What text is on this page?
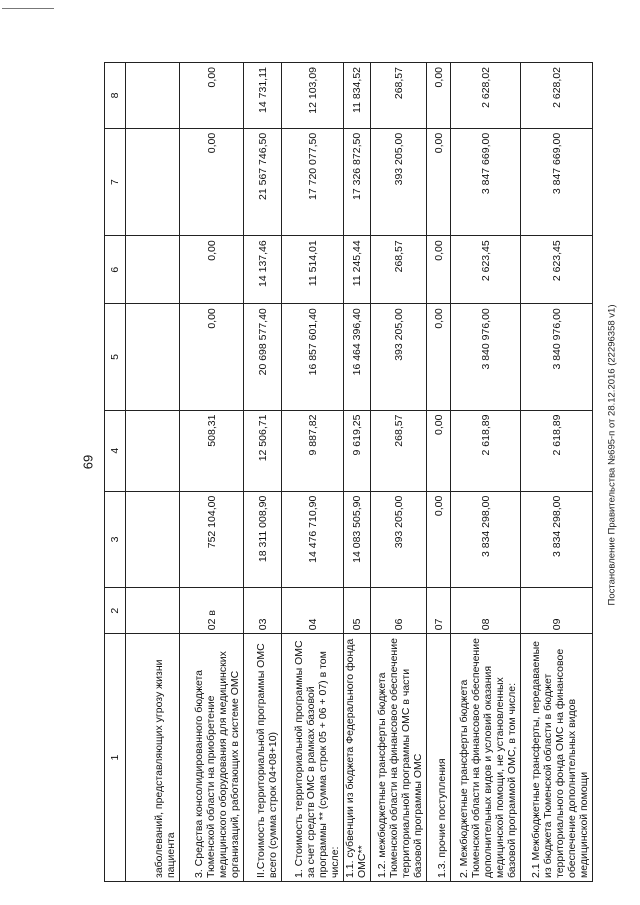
69
1	2	3	4	5	6	7	8
заболеваний, представляющих угрозу жизни пациента							
3. Средства консолидированного бюджета Тюменской области на приобретение медицинского оборудования для медицинских организаций, работающих в системе ОМС	02 в	752 104,00	508,31	0,00	0,00	0,00	0,00
II.Стоимость территориальной программы ОМС всего (сумма строк 04+08+10)	03	18 311 008,90	12 506,71	20 698 577,40	14 137,46	21 567 746,50	14 731,11
1. Стоимость территориальной программы ОМС за счет средств ОМС в рамках базовой программы ** (сумма строк 05 + 06 + 07) в том числе:	04	14 476 710,90	9 887,82	16 857 601,40	11 514,01	17 720 077,50	12 103,09
1.1. субвенции из бюджета Федерального фонда ОМС**	05	14 083 505,90	9 619,25	16 464 396,40	11 245,44	17 326 872,50	11 834,52
1.2. межбюджетные трансферты бюджета Тюменской области на финансовое обеспечение территориальной программы ОМС в части базовой программы ОМС	06	393 205,00	268,57	393 205,00	268,57	393 205,00	268,57
1.3. прочие поступления	07	0,00	0,00	0,00	0,00	0,00	0,00
2. Межбюджетные трансферты бюджета Тюменской области на финансовое обеспечение дополнительных видов и условий оказания медицинской помощи, не установленных базовой программой ОМС, в том числе:	08	3 834 298,00	2 618,89	3 840 976,00	2 623,45	3 847 669,00	2 628,02
2.1 Межбюджетные трансферты, передаваемые из бюджета Тюменской области в бюджет территориального фонда ОМС на финансовое обеспечение дополнительных видов медицинской помощи	09	3 834 298,00	2 618,89	3 840 976,00	2 623,45	3 847 669,00	2 628,02
Постановление Правительства №695-п от 28.12.2016 (22296358 v1)
